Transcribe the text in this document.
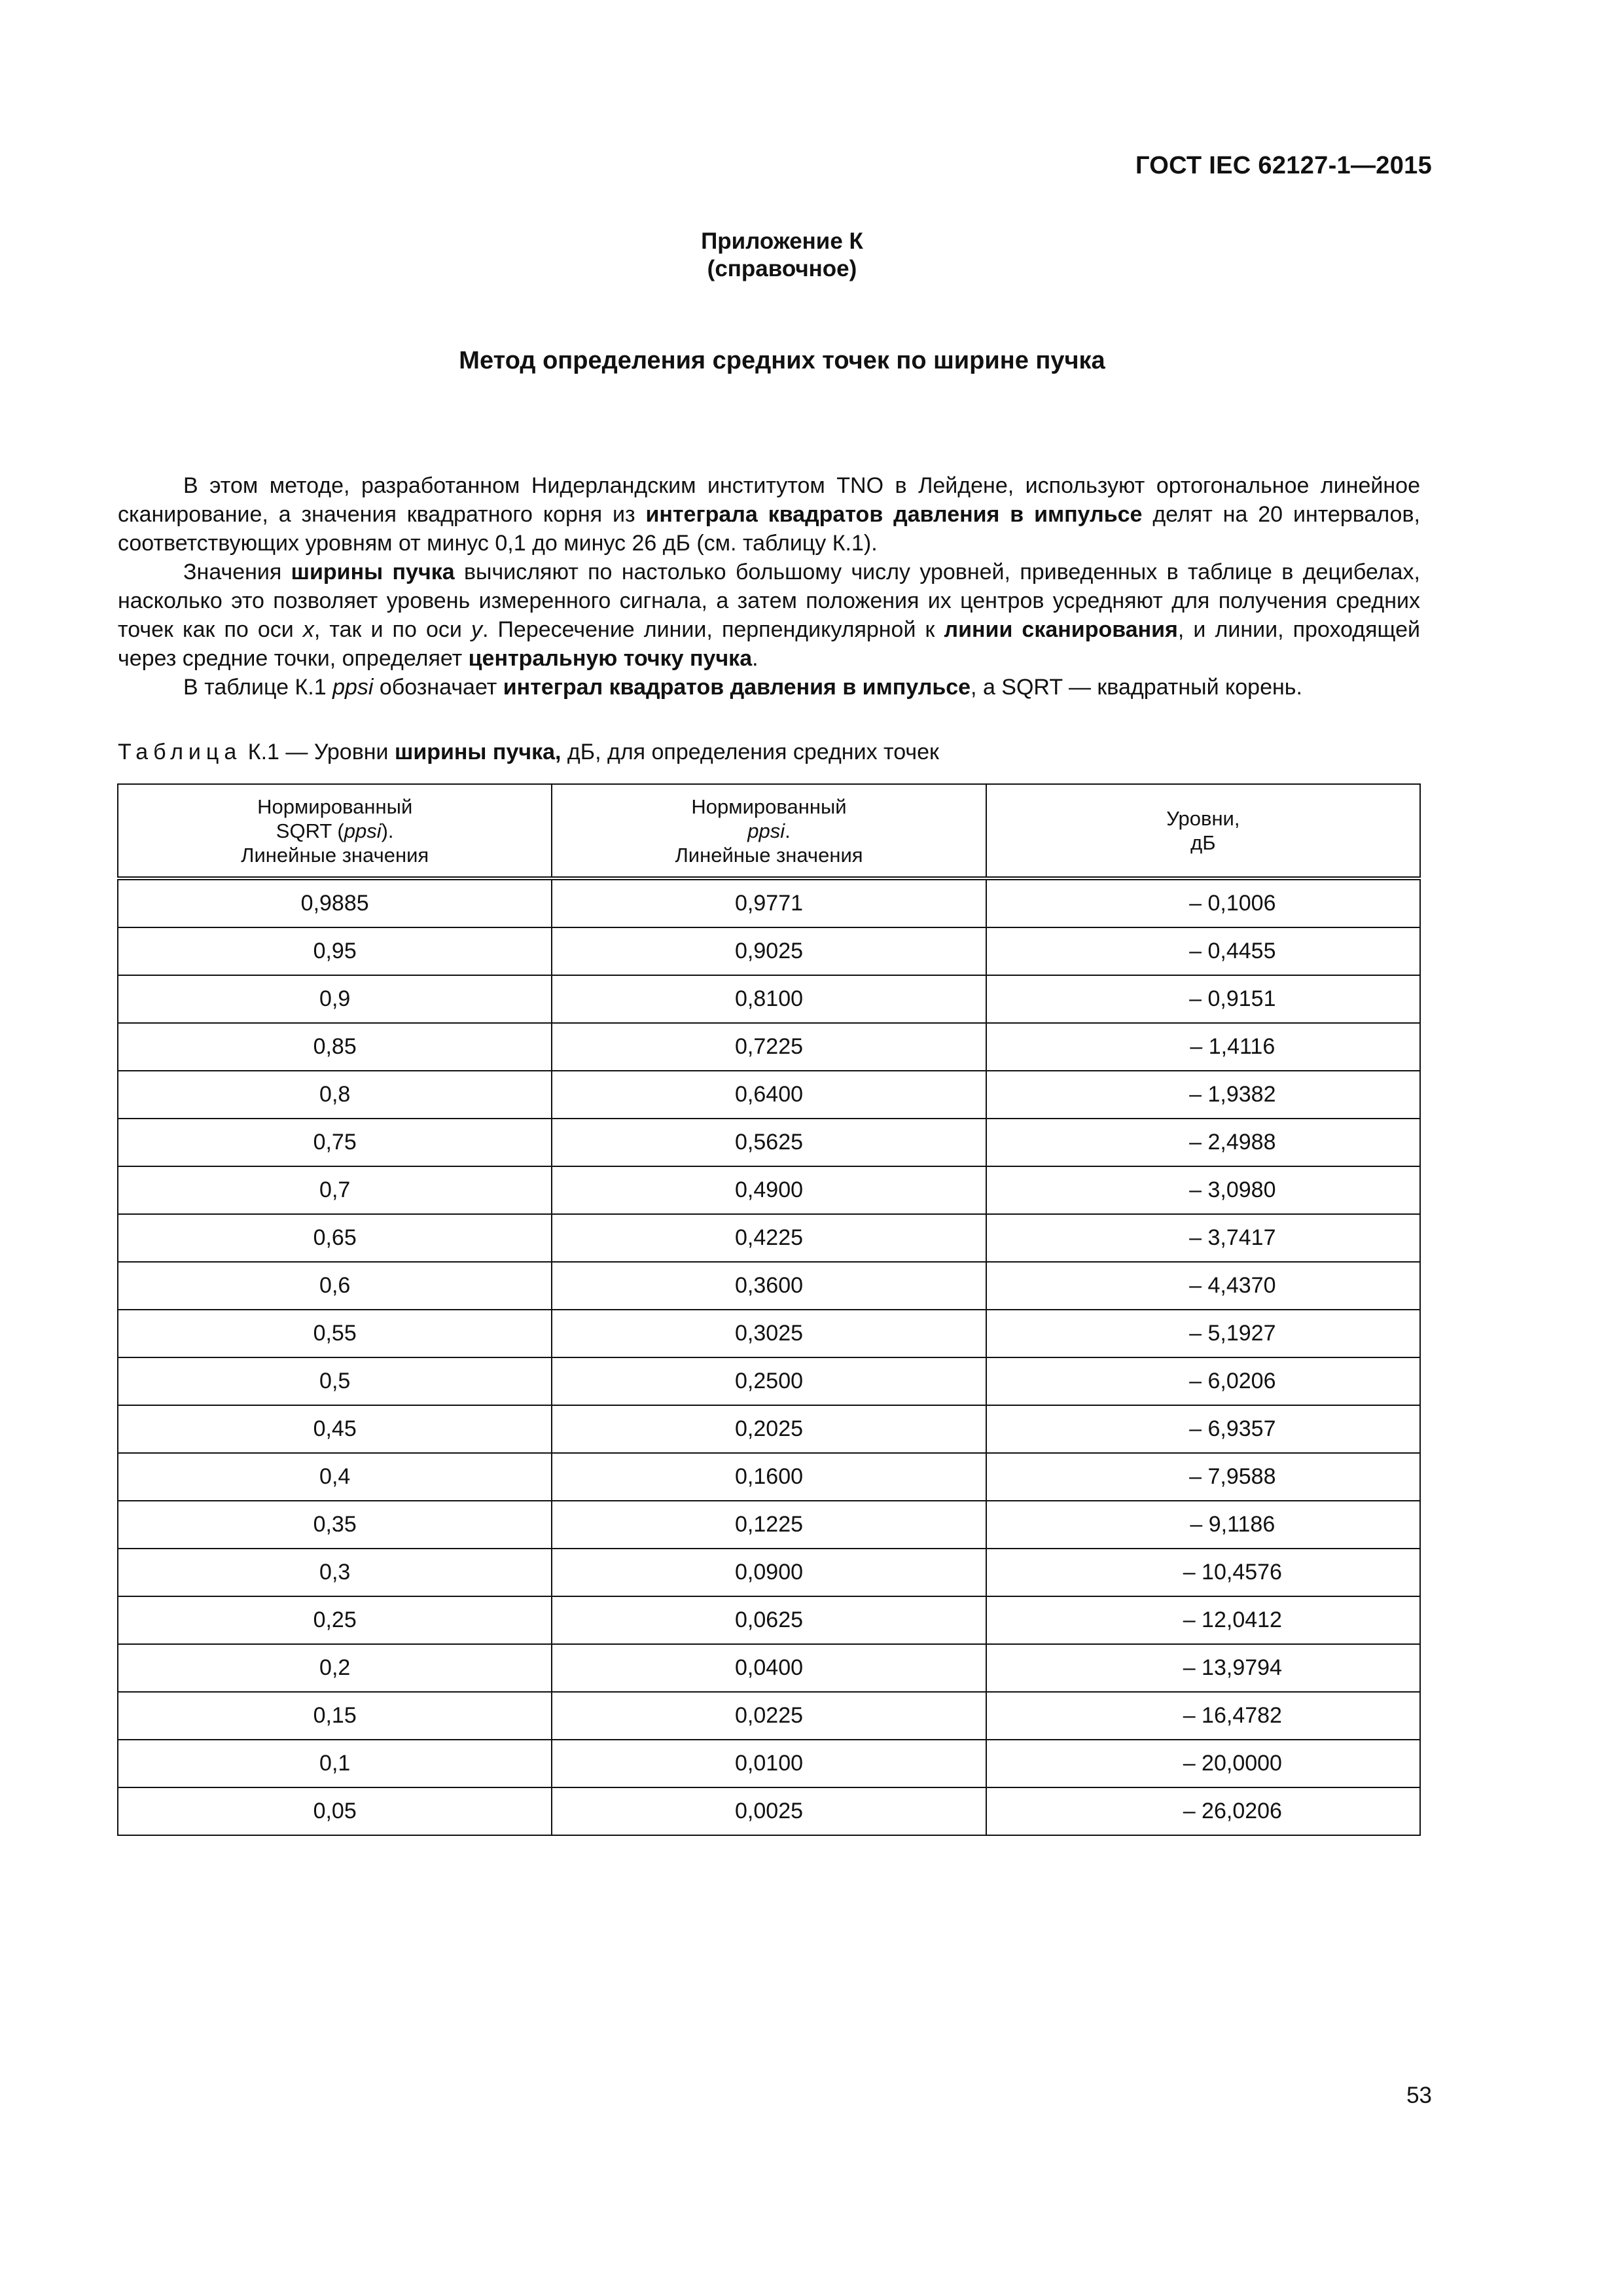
ГОСТ IEC 62127-1—2015
Приложение К
(справочное)
Метод определения средних точек по ширине пучка

В этом методе, разработанном Нидерландским институтом TNO в Лейдене, используют ортогональное линейное сканирование, а значения квадратного корня из интеграла квадратов давления в импульсе делят на 20 интервалов, соответствующих уровням от минус 0,1 до минус 26 дБ (см. таблицу К.1).

Значения ширины пучка вычисляют по настолько большому числу уровней, приведенных в таблице в децибелах, насколько это позволяет уровень измеренного сигнала, а затем положения их центров усредняют для получения средних точек как по оси x, так и по оси y. Пересечение линии, перпендикулярной к линии сканирования, и линии, проходящей через средние точки, определяет центральную точку пучка.

В таблице К.1 ppsi обозначает интеграл квадратов давления в импульсе, а SQRT — квадратный корень.

Таблица К.1 — Уровни ширины пучка, дБ, для определения средних точек
Нормированный
SQRT (ppsi).
Линейные значения	Нормированный
ppsi.
Линейные значения	Уровни,
дБ
0,9885	0,9771	– 0,1006
0,95	0,9025	– 0,4455
0,9	0,8100	– 0,9151
0,85	0,7225	– 1,4116
0,8	0,6400	– 1,9382
0,75	0,5625	– 2,4988
0,7	0,4900	– 3,0980
0,65	0,4225	– 3,7417
0,6	0,3600	– 4,4370
0,55	0,3025	– 5,1927
0,5	0,2500	– 6,0206
0,45	0,2025	– 6,9357
0,4	0,1600	– 7,9588
0,35	0,1225	– 9,1186
0,3	0,0900	– 10,4576
0,25	0,0625	– 12,0412
0,2	0,0400	– 13,9794
0,15	0,0225	– 16,4782
0,1	0,0100	– 20,0000
0,05	0,0025	– 26,0206
53
